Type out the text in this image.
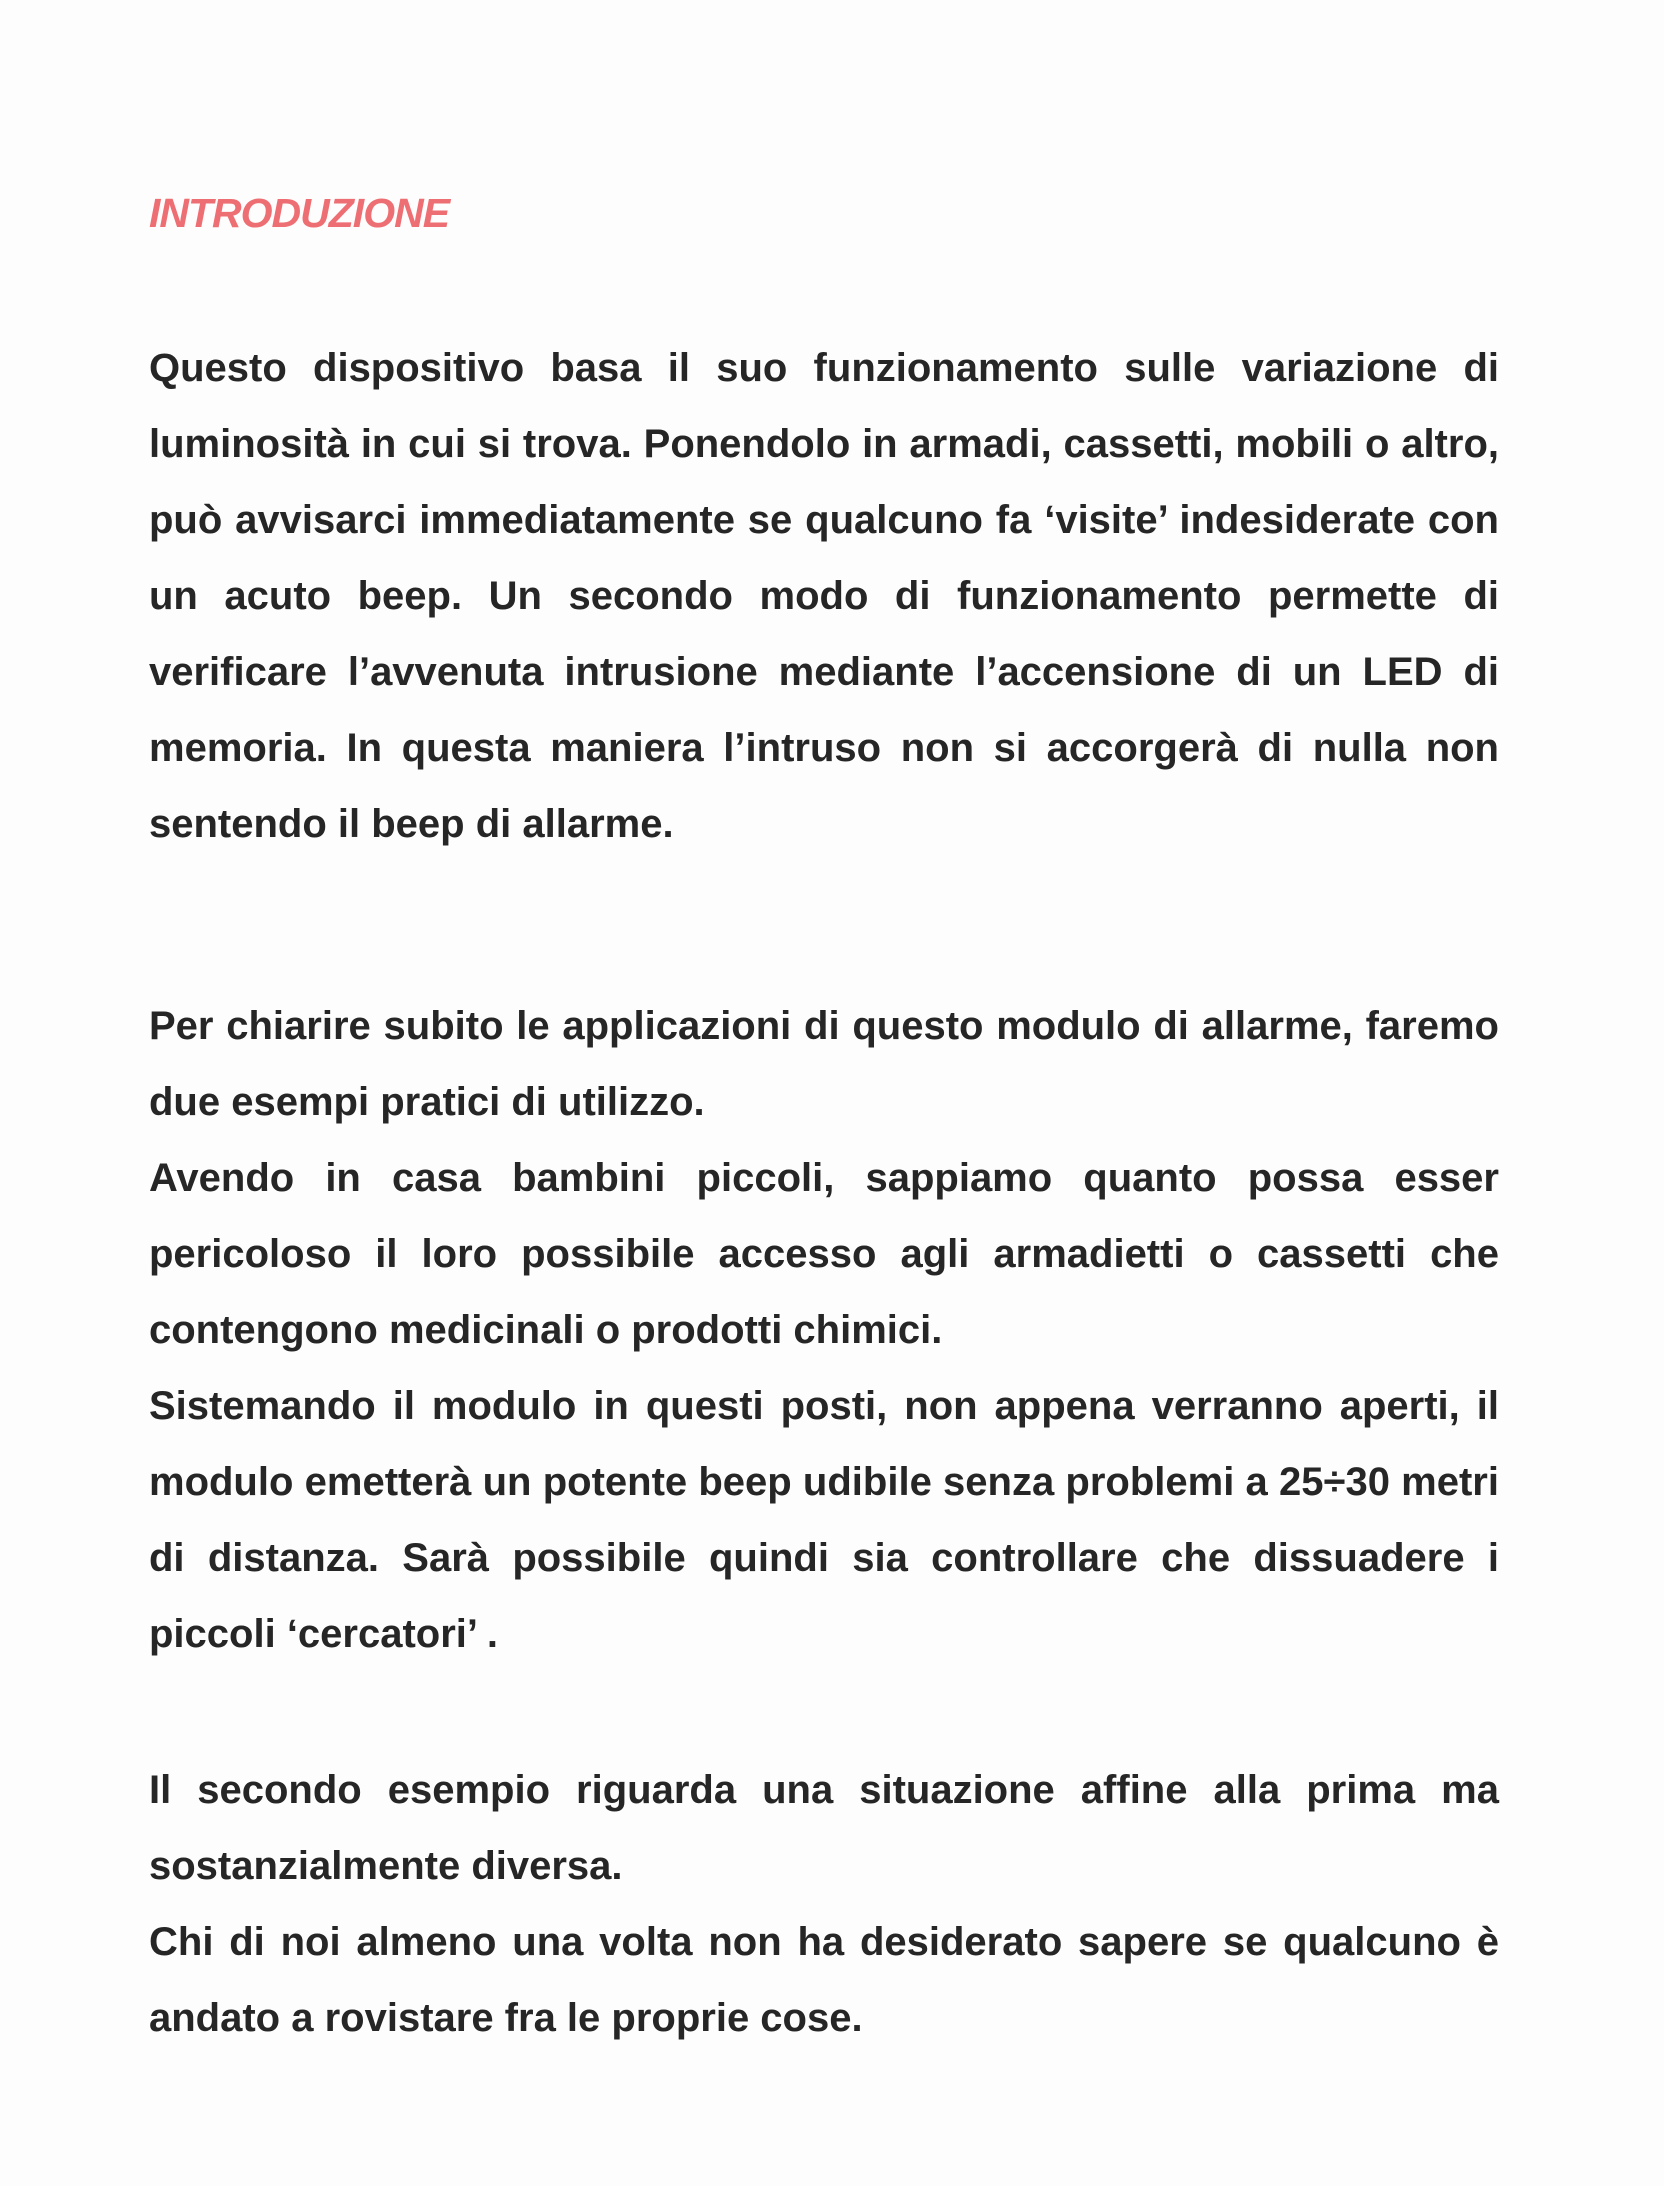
INTRODUZIONE

Questo dispositivo basa il suo funzionamento sulle variazione di luminosità in cui si trova. Ponendolo in armadi, cassetti, mobili o altro, può avvisarci immediatamente se qualcuno fa ‘visite’ indesiderate con un acuto beep. Un secondo modo di funzionamento permette di verificare l’avvenuta intrusione mediante l’accensione di un LED di memoria. In questa maniera l’intruso non si accorgerà di nulla non sentendo il beep di allarme.

Per chiarire subito le applicazioni di questo modulo di allarme, faremo due esempi pratici di utilizzo.

Avendo in casa bambini piccoli, sappiamo quanto possa esser pericoloso il loro possibile accesso agli armadietti o cassetti che contengono medicinali o prodotti chimici.

Sistemando il modulo in questi posti, non appena verranno aperti, il modulo emetterà un potente beep udibile senza problemi a 25÷30 metri di distanza. Sarà possibile quindi sia controllare che dissuadere i piccoli ‘cercatori’ .

Il secondo esempio riguarda una situazione affine alla prima ma sostanzialmente diversa.

Chi di noi almeno una volta non ha desiderato sapere se qualcuno è andato a rovistare fra le proprie cose.
